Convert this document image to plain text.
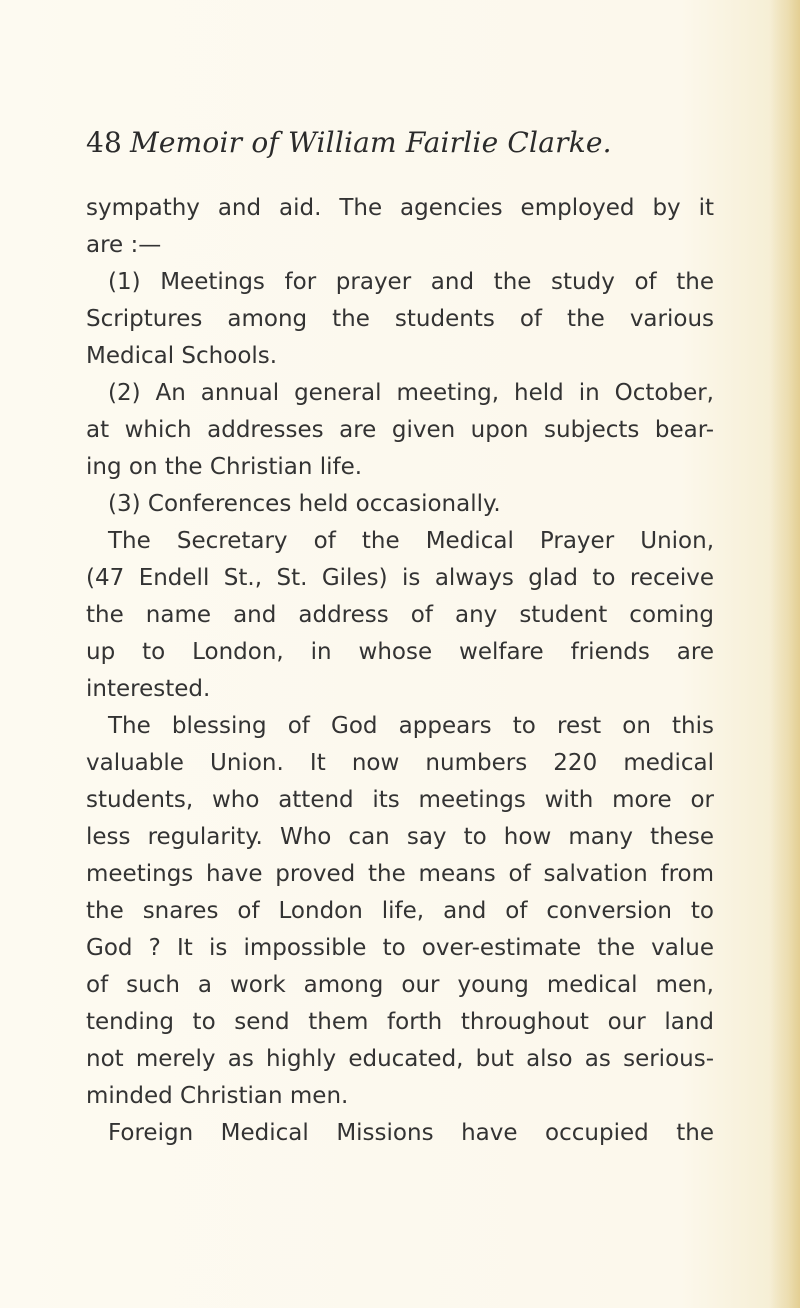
48 Memoir of William Fairlie Clarke.
sympathy and aid. The agencies employed by it
are :—
(1) Meetings for prayer and the study of the
Scriptures among the students of the various
Medical Schools.
(2) An annual general meeting, held in October,
at which addresses are given upon subjects bear-
ing on the Christian life.
(3) Conferences held occasionally.
The Secretary of the Medical Prayer Union,
(47 Endell St., St. Giles) is always glad to receive
the name and address of any student coming
up to London, in whose welfare friends are
interested.
The blessing of God appears to rest on this
valuable Union. It now numbers 220 medical
students, who attend its meetings with more or
less regularity. Who can say to how many these
meetings have proved the means of salvation from
the snares of London life, and of conversion to
God ? It is impossible to over-estimate the value
of such a work among our young medical men,
tending to send them forth throughout our land
not merely as highly educated, but also as serious-
minded Christian men.
Foreign Medical Missions have occupied the
